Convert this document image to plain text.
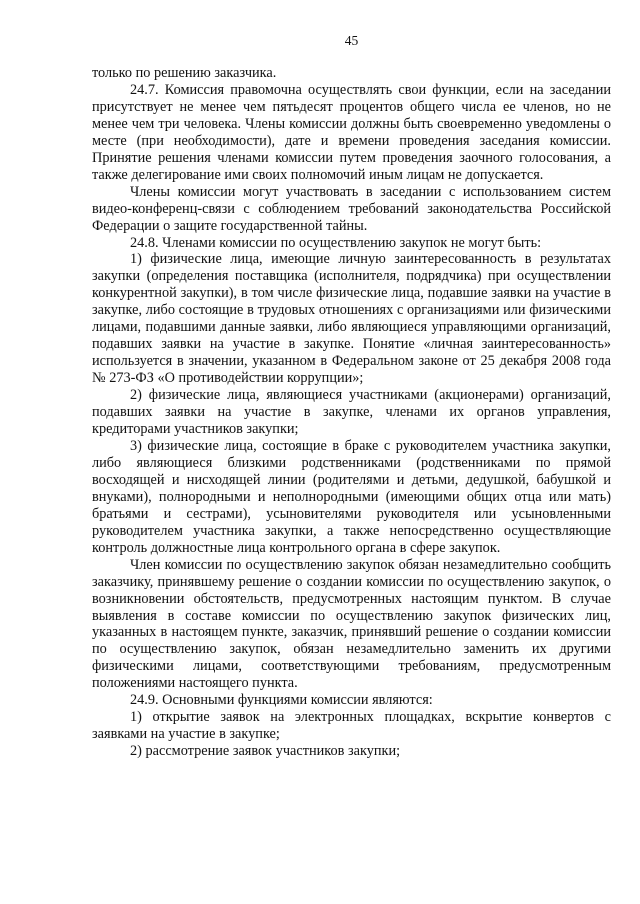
45

только по решению заказчика.

24.7. Комиссия правомочна осуществлять свои функции, если на заседании присутствует не менее чем пятьдесят процентов общего числа ее членов, но не менее чем три человека. Члены комиссии должны быть своевременно уведомлены о месте (при необходимости), дате и времени проведения заседания комиссии. Принятие решения членами комиссии путем проведения заочного голосования, а также делегирование ими своих полномочий иным лицам не допускается.

Члены комиссии могут участвовать в заседании с использованием систем видео-конференц-связи с соблюдением требований законодательства Российской Федерации о защите государственной тайны.

24.8. Членами комиссии по осуществлению закупок не могут быть:

1) физические лица, имеющие личную заинтересованность в результатах закупки (определения поставщика (исполнителя, подрядчика) при осуществлении конкурентной закупки), в том числе физические лица, подавшие заявки на участие в закупке, либо состоящие в трудовых отношениях с организациями или физическими лицами, подавшими данные заявки, либо являющиеся управляющими организаций, подавших заявки на участие в закупке. Понятие «личная заинтересованность» используется в значении, указанном в Федеральном законе от 25 декабря 2008 года № 273-ФЗ «О противодействии коррупции»;

2) физические лица, являющиеся участниками (акционерами) организаций, подавших заявки на участие в закупке, членами их органов управления, кредиторами участников закупки;

3) физические лица, состоящие в браке с руководителем участника закупки, либо являющиеся близкими родственниками (родственниками по прямой восходящей и нисходящей линии (родителями и детьми, дедушкой, бабушкой и внуками), полнородными и неполнородными (имеющими общих отца или мать) братьями и сестрами), усыновителями руководителя или усыновленными руководителем участника закупки, а также непосредственно осуществляющие контроль должностные лица контрольного органа в сфере закупок.

Член комиссии по осуществлению закупок обязан незамедлительно сообщить заказчику, принявшему решение о создании комиссии по осуществлению закупок, о возникновении обстоятельств, предусмотренных настоящим пунктом. В случае выявления в составе комиссии по осуществлению закупок физических лиц, указанных в настоящем пункте, заказчик, принявший решение о создании комиссии по осуществлению закупок, обязан незамедлительно заменить их другими физическими лицами, соответствующими требованиям, предусмотренным положениями настоящего пункта.

24.9. Основными функциями комиссии являются:

1) открытие заявок на электронных площадках, вскрытие конвертов с заявками на участие в закупке;

2) рассмотрение заявок участников закупки;
